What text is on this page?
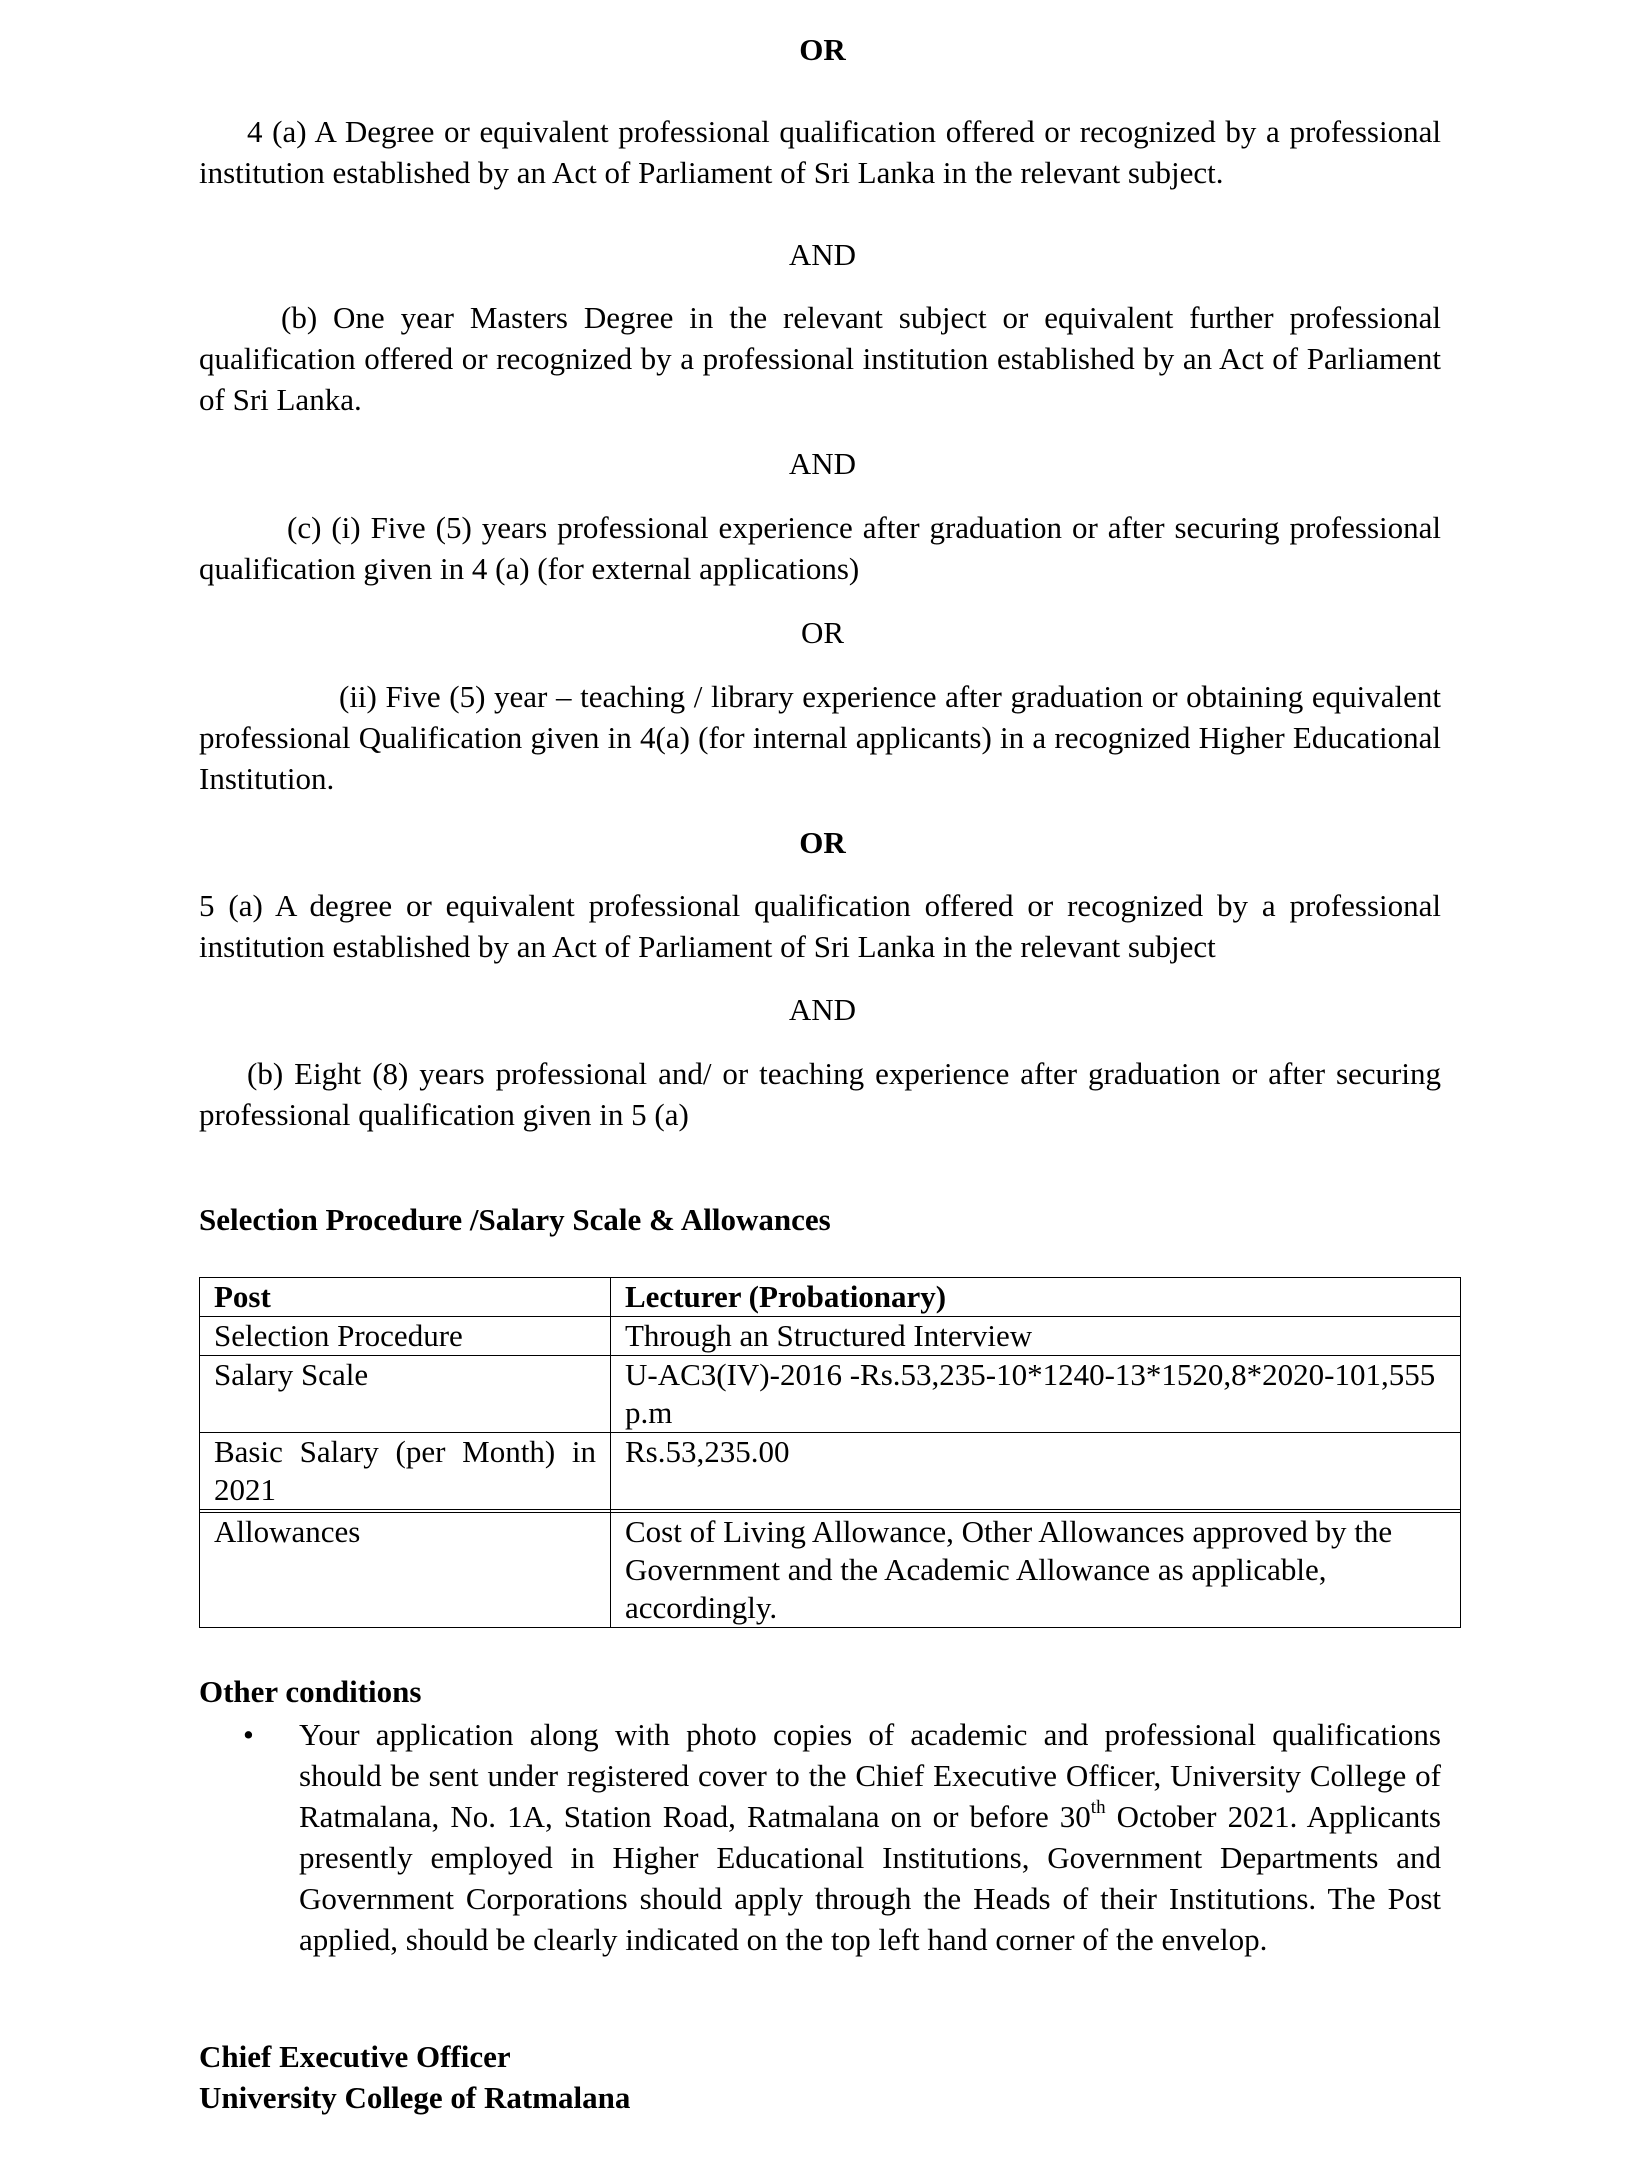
OR

4 (a) A Degree or equivalent professional qualification offered or recognized by a professional institution established by an Act of Parliament of Sri Lanka in the relevant subject.

AND

(b) One year Masters Degree in the relevant subject or equivalent further professional qualification offered or recognized by a professional institution established by an Act of Parliament of Sri Lanka.

AND

(c) (i) Five (5) years professional experience after graduation or after securing professional qualification given in 4 (a) (for external applications)

OR

(ii) Five (5) year – teaching / library experience after graduation or obtaining equivalent professional Qualification given in 4(a) (for internal applicants) in a recognized Higher Educational Institution.

OR

5 (a) A degree or equivalent professional qualification offered or recognized by a professional institution established by an Act of Parliament of Sri Lanka in the relevant subject

AND

(b) Eight (8) years professional and/ or teaching experience after graduation or after securing professional qualification given in 5 (a)

Selection Procedure /Salary Scale & Allowances
Post	Lecturer (Probationary)
Selection Procedure	Through an Structured Interview
Salary Scale	U-AC3(IV)-2016 -Rs.53,235-10*1240-13*1520,8*2020-101,555 p.m
Basic Salary (per Month) in 2021	Rs.53,235.00

Allowances	Cost of Living Allowance, Other Allowances approved by the Government and the Academic Allowance as applicable, accordingly.
Other conditions
• Your application along with photo copies of academic and professional qualifications should be sent under registered cover to the Chief Executive Officer, University College of Ratmalana, No. 1A, Station Road, Ratmalana on or before 30th October 2021. Applicants presently employed in Higher Educational Institutions, Government Departments and Government Corporations should apply through the Heads of their Institutions. The Post applied, should be clearly indicated on the top left hand corner of the envelop.

Chief Executive Officer
University College of Ratmalana
